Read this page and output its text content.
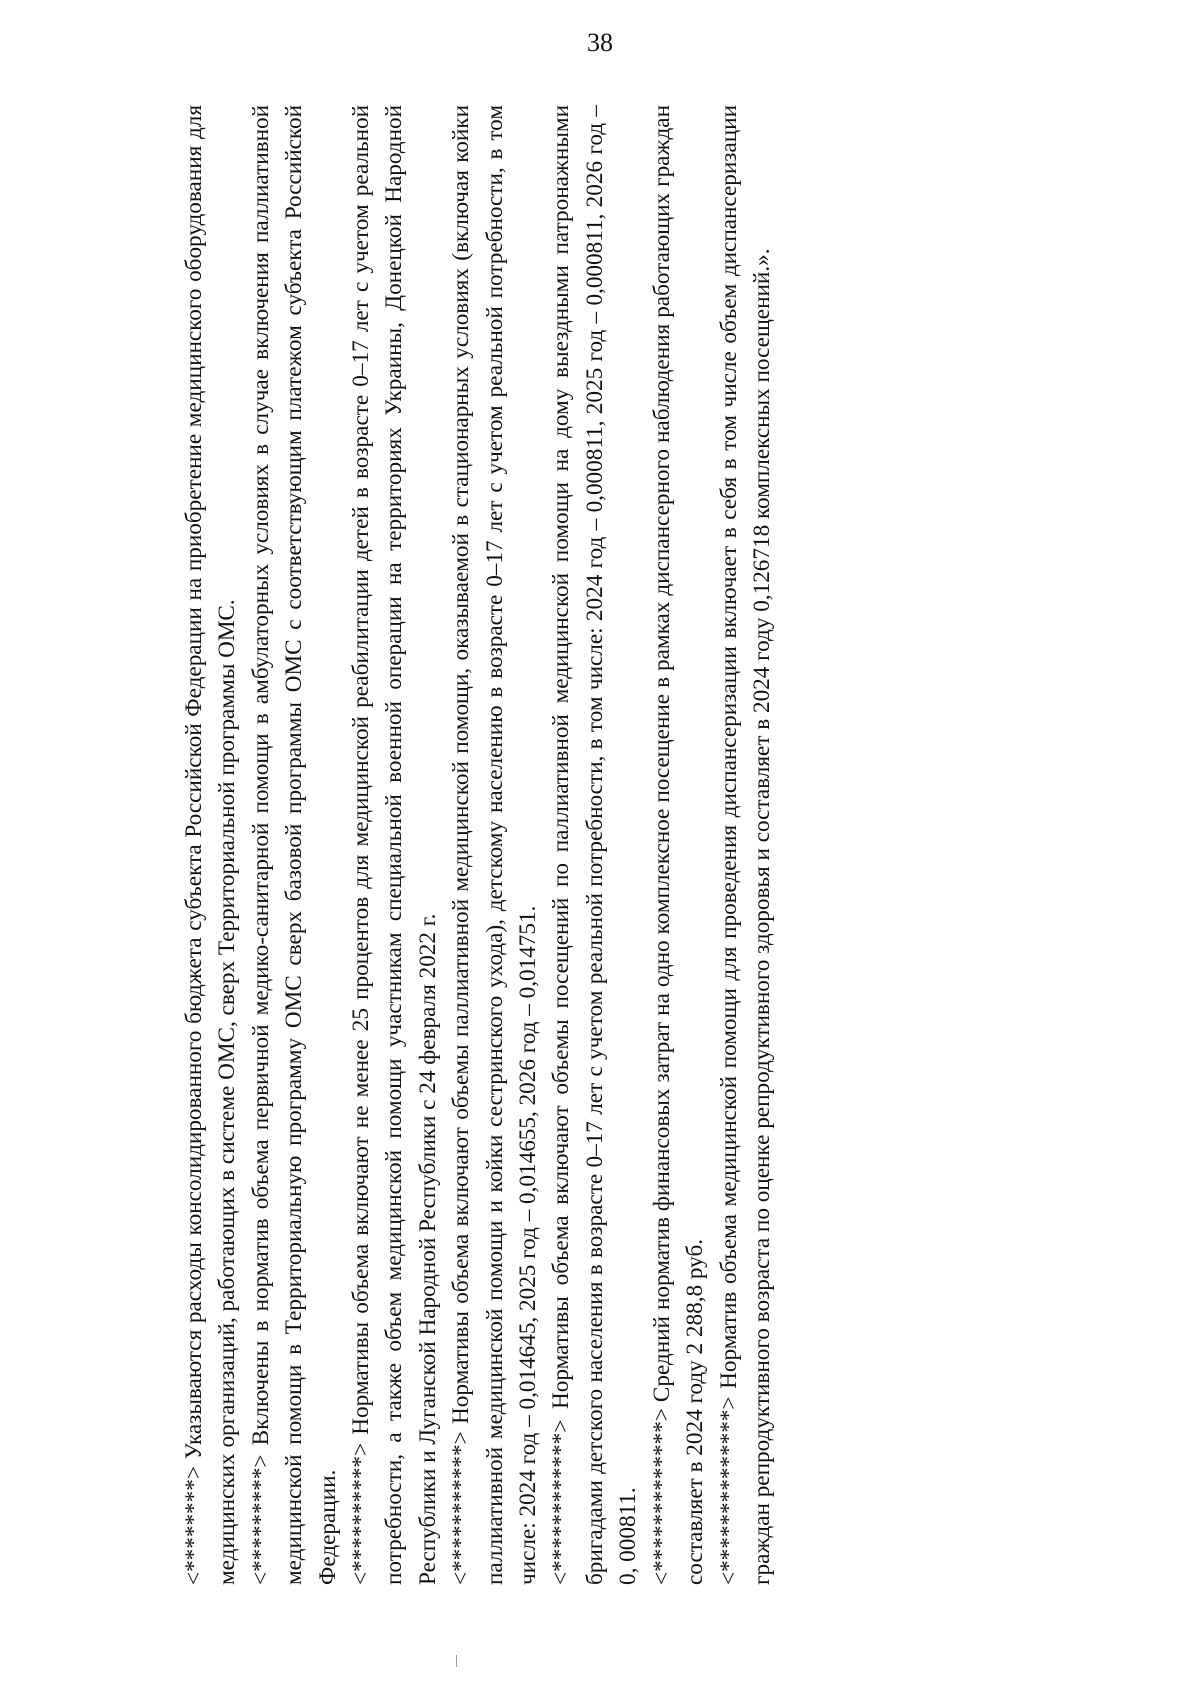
38

<********> Указываются расходы консолидированного бюджета субъекта Российской Федерации на приобретение медицинского оборудования для медицинских организаций, работающих в системе ОМС, сверх Территориальной программы ОМС. <*********> Включены в норматив объема первичной медико-санитарной помощи в амбулаторных условиях в случае включения паллиативной медицинской помощи в Территориальную программу ОМС сверх базовой программы ОМС с соответствующим платежом субъекта Российской Федерации. <**********> Нормативы объема включают не менее 25 процентов для медицинской реабилитации детей в возрасте 0–17 лет с учетом реальной потребности, а также объем медицинской помощи участникам специальной военной операции на территориях Украины, Донецкой Народной Республики и Луганской Народной Республики с 24 февраля 2022 г. <***********> Нормативы объема включают объемы паллиативной медицинской помощи, оказываемой в стационарных условиях (включая койки паллиативной медицинской помощи и койки сестринского ухода), детскому населению в возрасте 0–17 лет с учетом реальной потребности, в том числе: 2024 год – 0,014645, 2025 год – 0,014655, 2026 год – 0,014751. <************> Нормативы объема включают объемы посещений по паллиативной медицинской помощи на дому выездными патронажными бригадами детского населения в возрасте 0–17 лет с учетом реальной потребности, в том числе: 2024 год – 0,000811, 2025 год – 0,000811, 2026 год – 0, 000811. <*************> Средний норматив финансовых затрат на одно комплексное посещение в рамках диспансерного наблюдения работающих граждан составляет в 2024 году 2 288,8 руб. <**************> Норматив объема медицинской помощи для проведения диспансеризации включает в себя в том числе объем диспансеризации граждан репродуктивного возраста по оценке репродуктивного здоровья и составляет в 2024 году 0,126718 комплексных посещений.».
